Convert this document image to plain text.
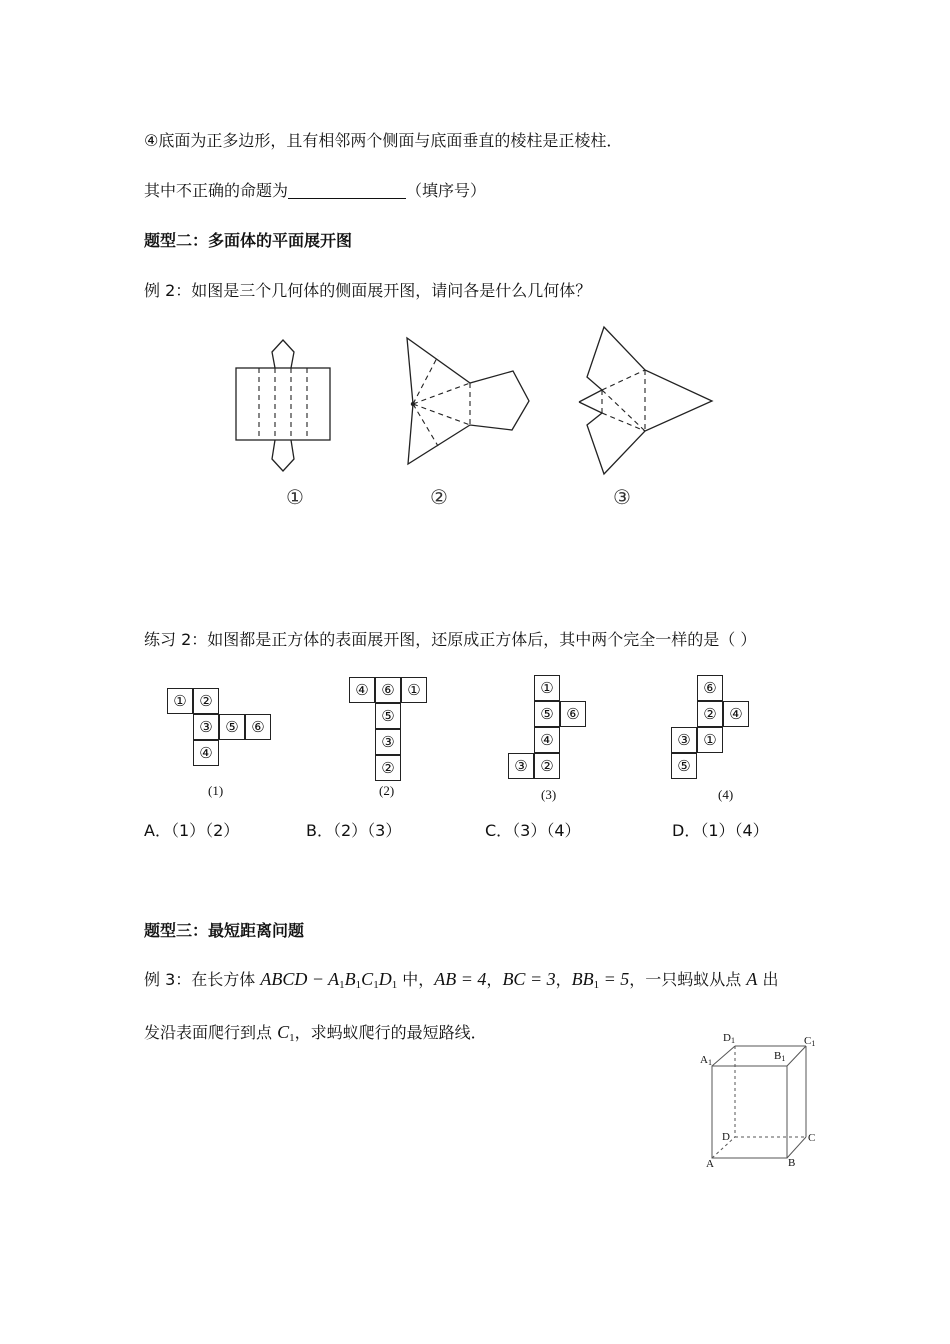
④底面为正多边形，且有相邻两个侧面与底面垂直的棱柱是正棱柱．
其中不正确的命题为	（填序号）
题型二：多面体的平面展开图
例 2：如图是三个几何体的侧面展开图，请问各是什么几何体？
①	②	③
练习 2：如图都是正方体的表面展开图，还原成正方体后，其中两个完全一样的是（ ）
① ②
③ ⑤ ⑥
④
(1)
④ ⑥ ①
⑤
③
②
(2)
①
⑤ ⑥
④
③ ②
(3)
⑥
② ④
③ ①
⑤
(4)
A．（1）（2）	B．（2）（3）	C．（3）（4）	D．（1）（4）
题型三：最短距离问题
例 3：在长方体 ABCD − $A_1B_1C_1D_1$ 中，AB = 4，BC = 3，$BB_1 = 5$，一只蚂蚁从点 A 出
发沿表面爬行到点 $C_1$，求蚂蚁爬行的最短路线．	D1	C1
A1
B1
D	C
A	B
